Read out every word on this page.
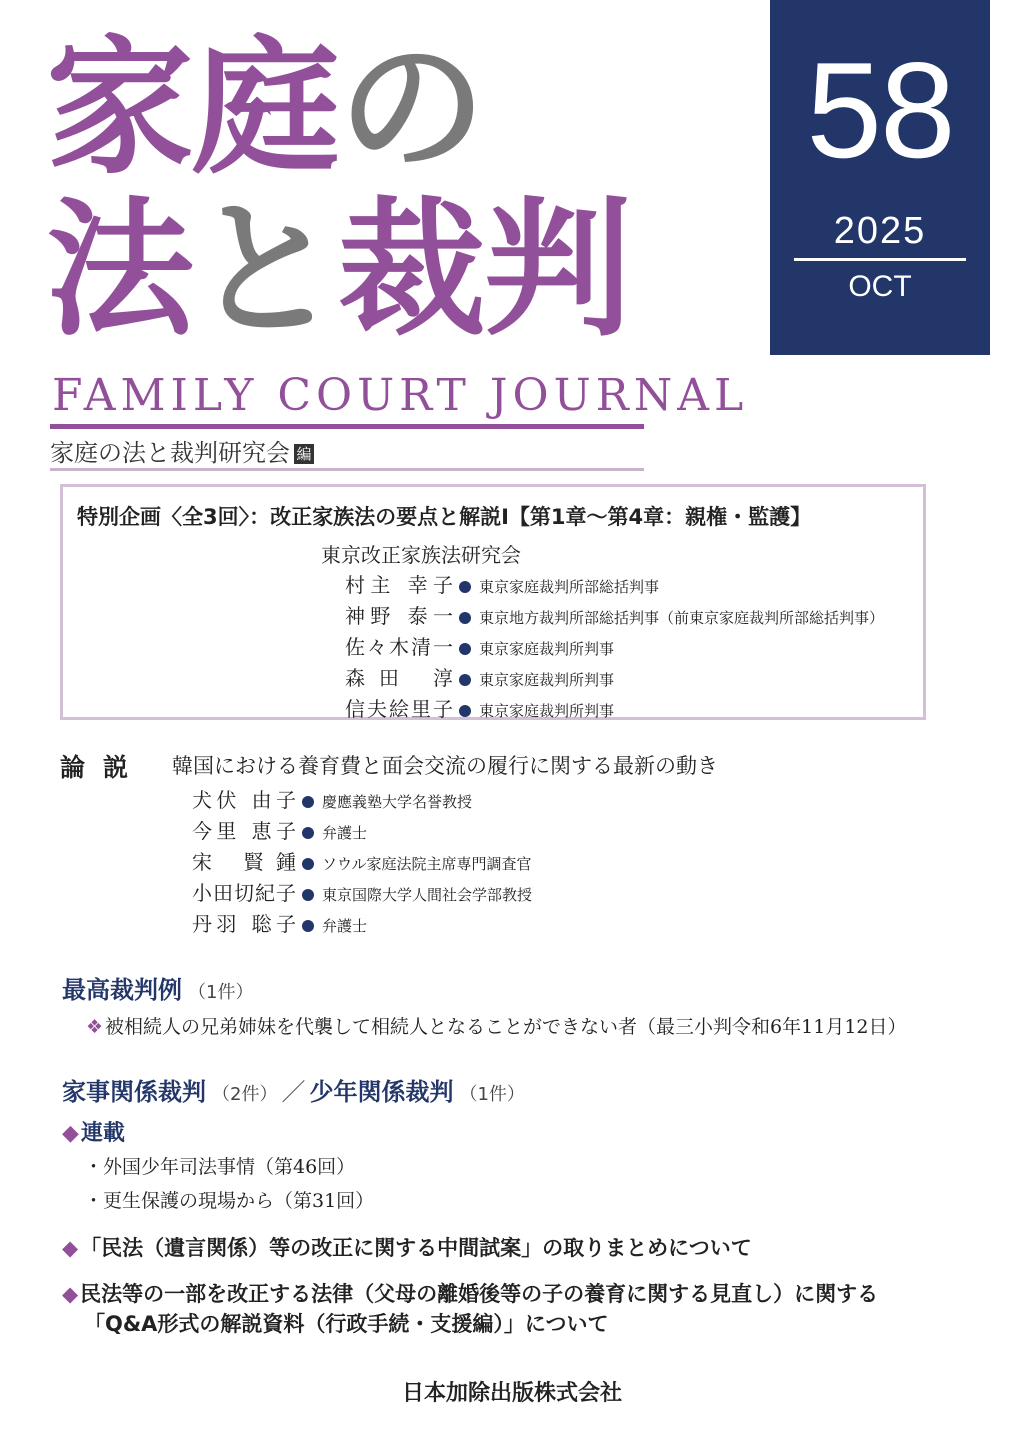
家庭の
法と裁判
FAMILY COURT JOURNAL
家庭の法と裁判研究会 編
58
2025
OCT
特別企画〈全3回〉：改正家族法の要点と解説Ⅰ【第1章〜第4章：親権・監護】
東京改正家族法研究会
村主 幸子 東京家庭裁判所部総括判事
神野 泰一 東京地方裁判所部総括判事（前東京家庭裁判所部総括判事）
佐々木清一 東京家庭裁判所判事
森田 淳 東京家庭裁判所判事
信夫絵里子 東京家庭裁判所判事
論説 韓国における養育費と面会交流の履行に関する最新の動き
犬伏 由子 慶應義塾大学名誉教授
今里 恵子 弁護士
宋 賢鍾 ソウル家庭法院主席専門調査官
小田切紀子 東京国際大学人間社会学部教授
丹羽 聡子 弁護士
最高裁判例 （1件）
❖ 被相続人の兄弟姉妹を代襲して相続人となることができない者（最三小判令和6年11月12日）
家事関係裁判 （2件） ／ 少年関係裁判 （1件）
◆連載
・外国少年司法事情（第46回）
・更生保護の現場から（第31回）
◆「民法（遺言関係）等の改正に関する中間試案」の取りまとめについて
◆民法等の一部を改正する法律（父母の離婚後等の子の養育に関する見直し）に関する
「Q&A形式の解説資料（行政手続・支援編）」について
日本加除出版株式会社
